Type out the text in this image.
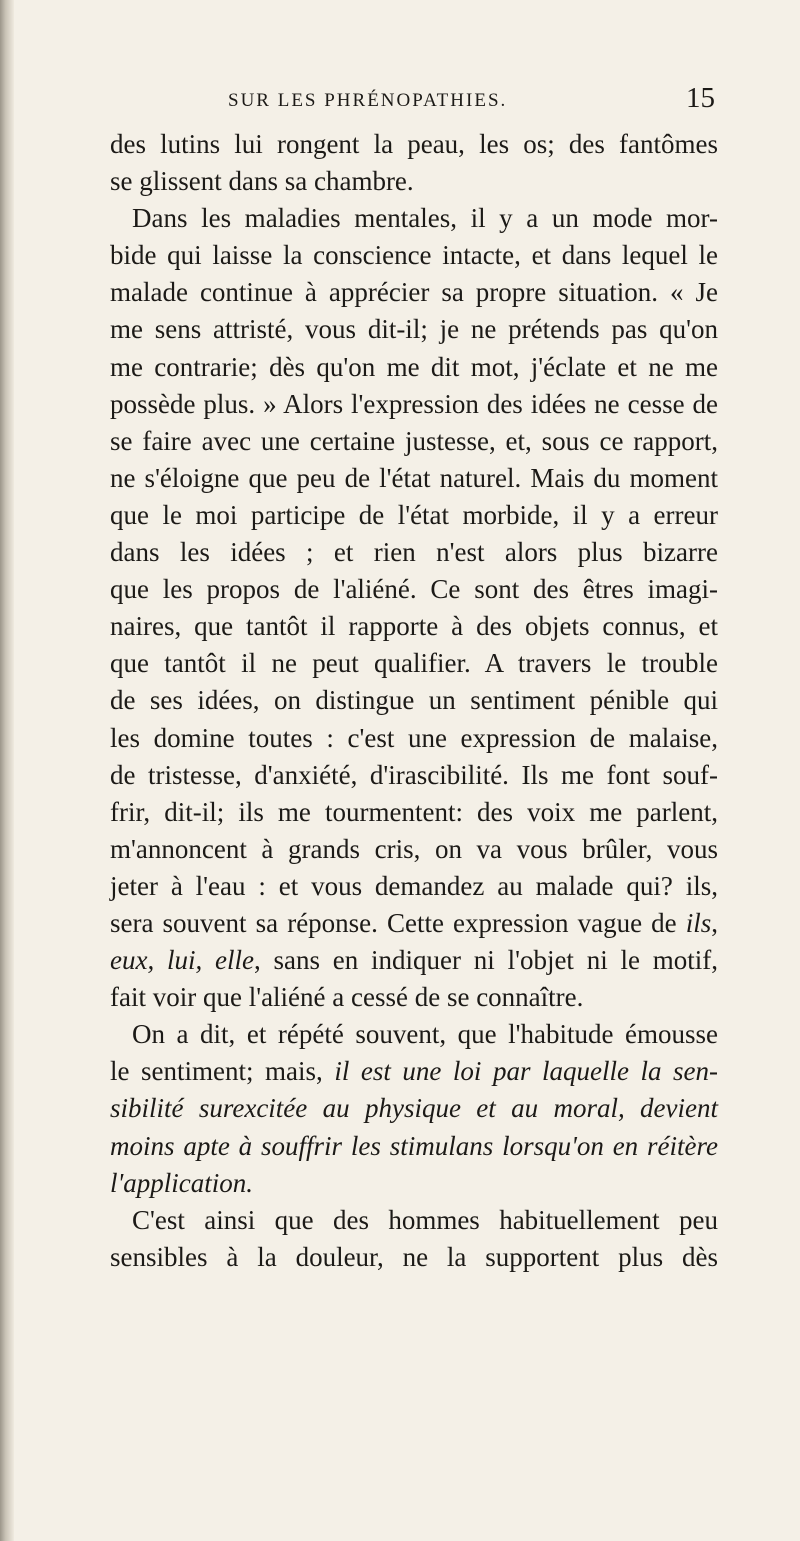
SUR LES PHRÉNOPATHIES.	15
des lutins lui rongent la peau, les os; des fantômes
se glissent dans sa chambre.
Dans les maladies mentales, il y a un mode mor-
bide qui laisse la conscience intacte, et dans lequel le
malade continue à apprécier sa propre situation. « Je
me sens attristé, vous dit-il; je ne prétends pas qu'on
me contrarie; dès qu'on me dit mot, j'éclate et ne me
possède plus. » Alors l'expression des idées ne cesse de
se faire avec une certaine justesse, et, sous ce rapport,
ne s'éloigne que peu de l'état naturel. Mais du moment
que le moi participe de l'état morbide, il y a erreur
dans les idées ; et rien n'est alors plus bizarre
que les propos de l'aliéné. Ce sont des êtres imagi-
naires, que tantôt il rapporte à des objets connus, et
que tantôt il ne peut qualifier. A travers le trouble
de ses idées, on distingue un sentiment pénible qui
les domine toutes : c'est une expression de malaise,
de tristesse, d'anxiété, d'irascibilité. Ils me font souf-
frir, dit-il; ils me tourmentent: des voix me parlent,
m'annoncent à grands cris, on va vous brûler, vous
jeter à l'eau : et vous demandez au malade qui? ils,
sera souvent sa réponse. Cette expression vague de ils,
eux, lui, elle, sans en indiquer ni l'objet ni le motif,
fait voir que l'aliéné a cessé de se connaître.
On a dit, et répété souvent, que l'habitude émousse
le sentiment; mais, il est une loi par laquelle la sen-
sibilité surexcitée au physique et au moral, devient
moins apte à souffrir les stimulans lorsqu'on en réitère
l'application.
C'est ainsi que des hommes habituellement peu
sensibles à la douleur, ne la supportent plus dès
